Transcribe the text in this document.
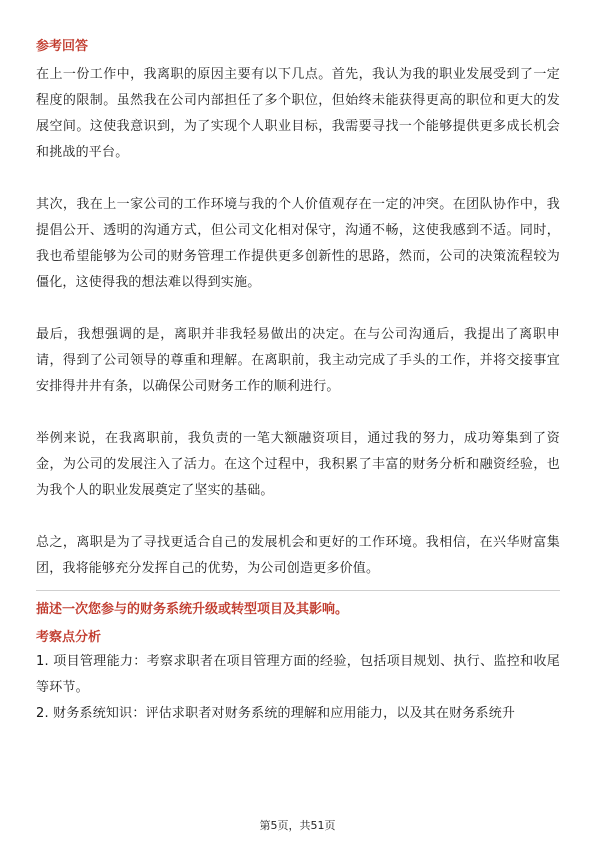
参考回答

在上一份工作中，我离职的原因主要有以下几点。首先，我认为我的职业发展受到了一定程度的限制。虽然我在公司内部担任了多个职位，但始终未能获得更高的职位和更大的发展空间。这使我意识到，为了实现个人职业目标，我需要寻找一个能够提供更多成长机会和挑战的平台。

其次，我在上一家公司的工作环境与我的个人价值观存在一定的冲突。在团队协作中，我提倡公开、透明的沟通方式，但公司文化相对保守，沟通不畅，这使我感到不适。同时，我也希望能够为公司的财务管理工作提供更多创新性的思路，然而，公司的决策流程较为僵化，这使得我的想法难以得到实施。

最后，我想强调的是，离职并非我轻易做出的决定。在与公司沟通后，我提出了离职申请，得到了公司领导的尊重和理解。在离职前，我主动完成了手头的工作，并将交接事宜安排得井井有条，以确保公司财务工作的顺利进行。

举例来说，在我离职前，我负责的一笔大额融资项目，通过我的努力，成功筹集到了资金，为公司的发展注入了活力。在这个过程中，我积累了丰富的财务分析和融资经验，也为我个人的职业发展奠定了坚实的基础。

总之，离职是为了寻找更适合自己的发展机会和更好的工作环境。我相信，在兴华财富集团，我将能够充分发挥自己的优势，为公司创造更多价值。

描述一次您参与的财务系统升级或转型项目及其影响。

考察点分析

1. 项目管理能力：考察求职者在项目管理方面的经验，包括项目规划、执行、监控和收尾等环节。

2. 财务系统知识：评估求职者对财务系统的理解和应用能力，以及其在财务系统升

第5页，共51页
